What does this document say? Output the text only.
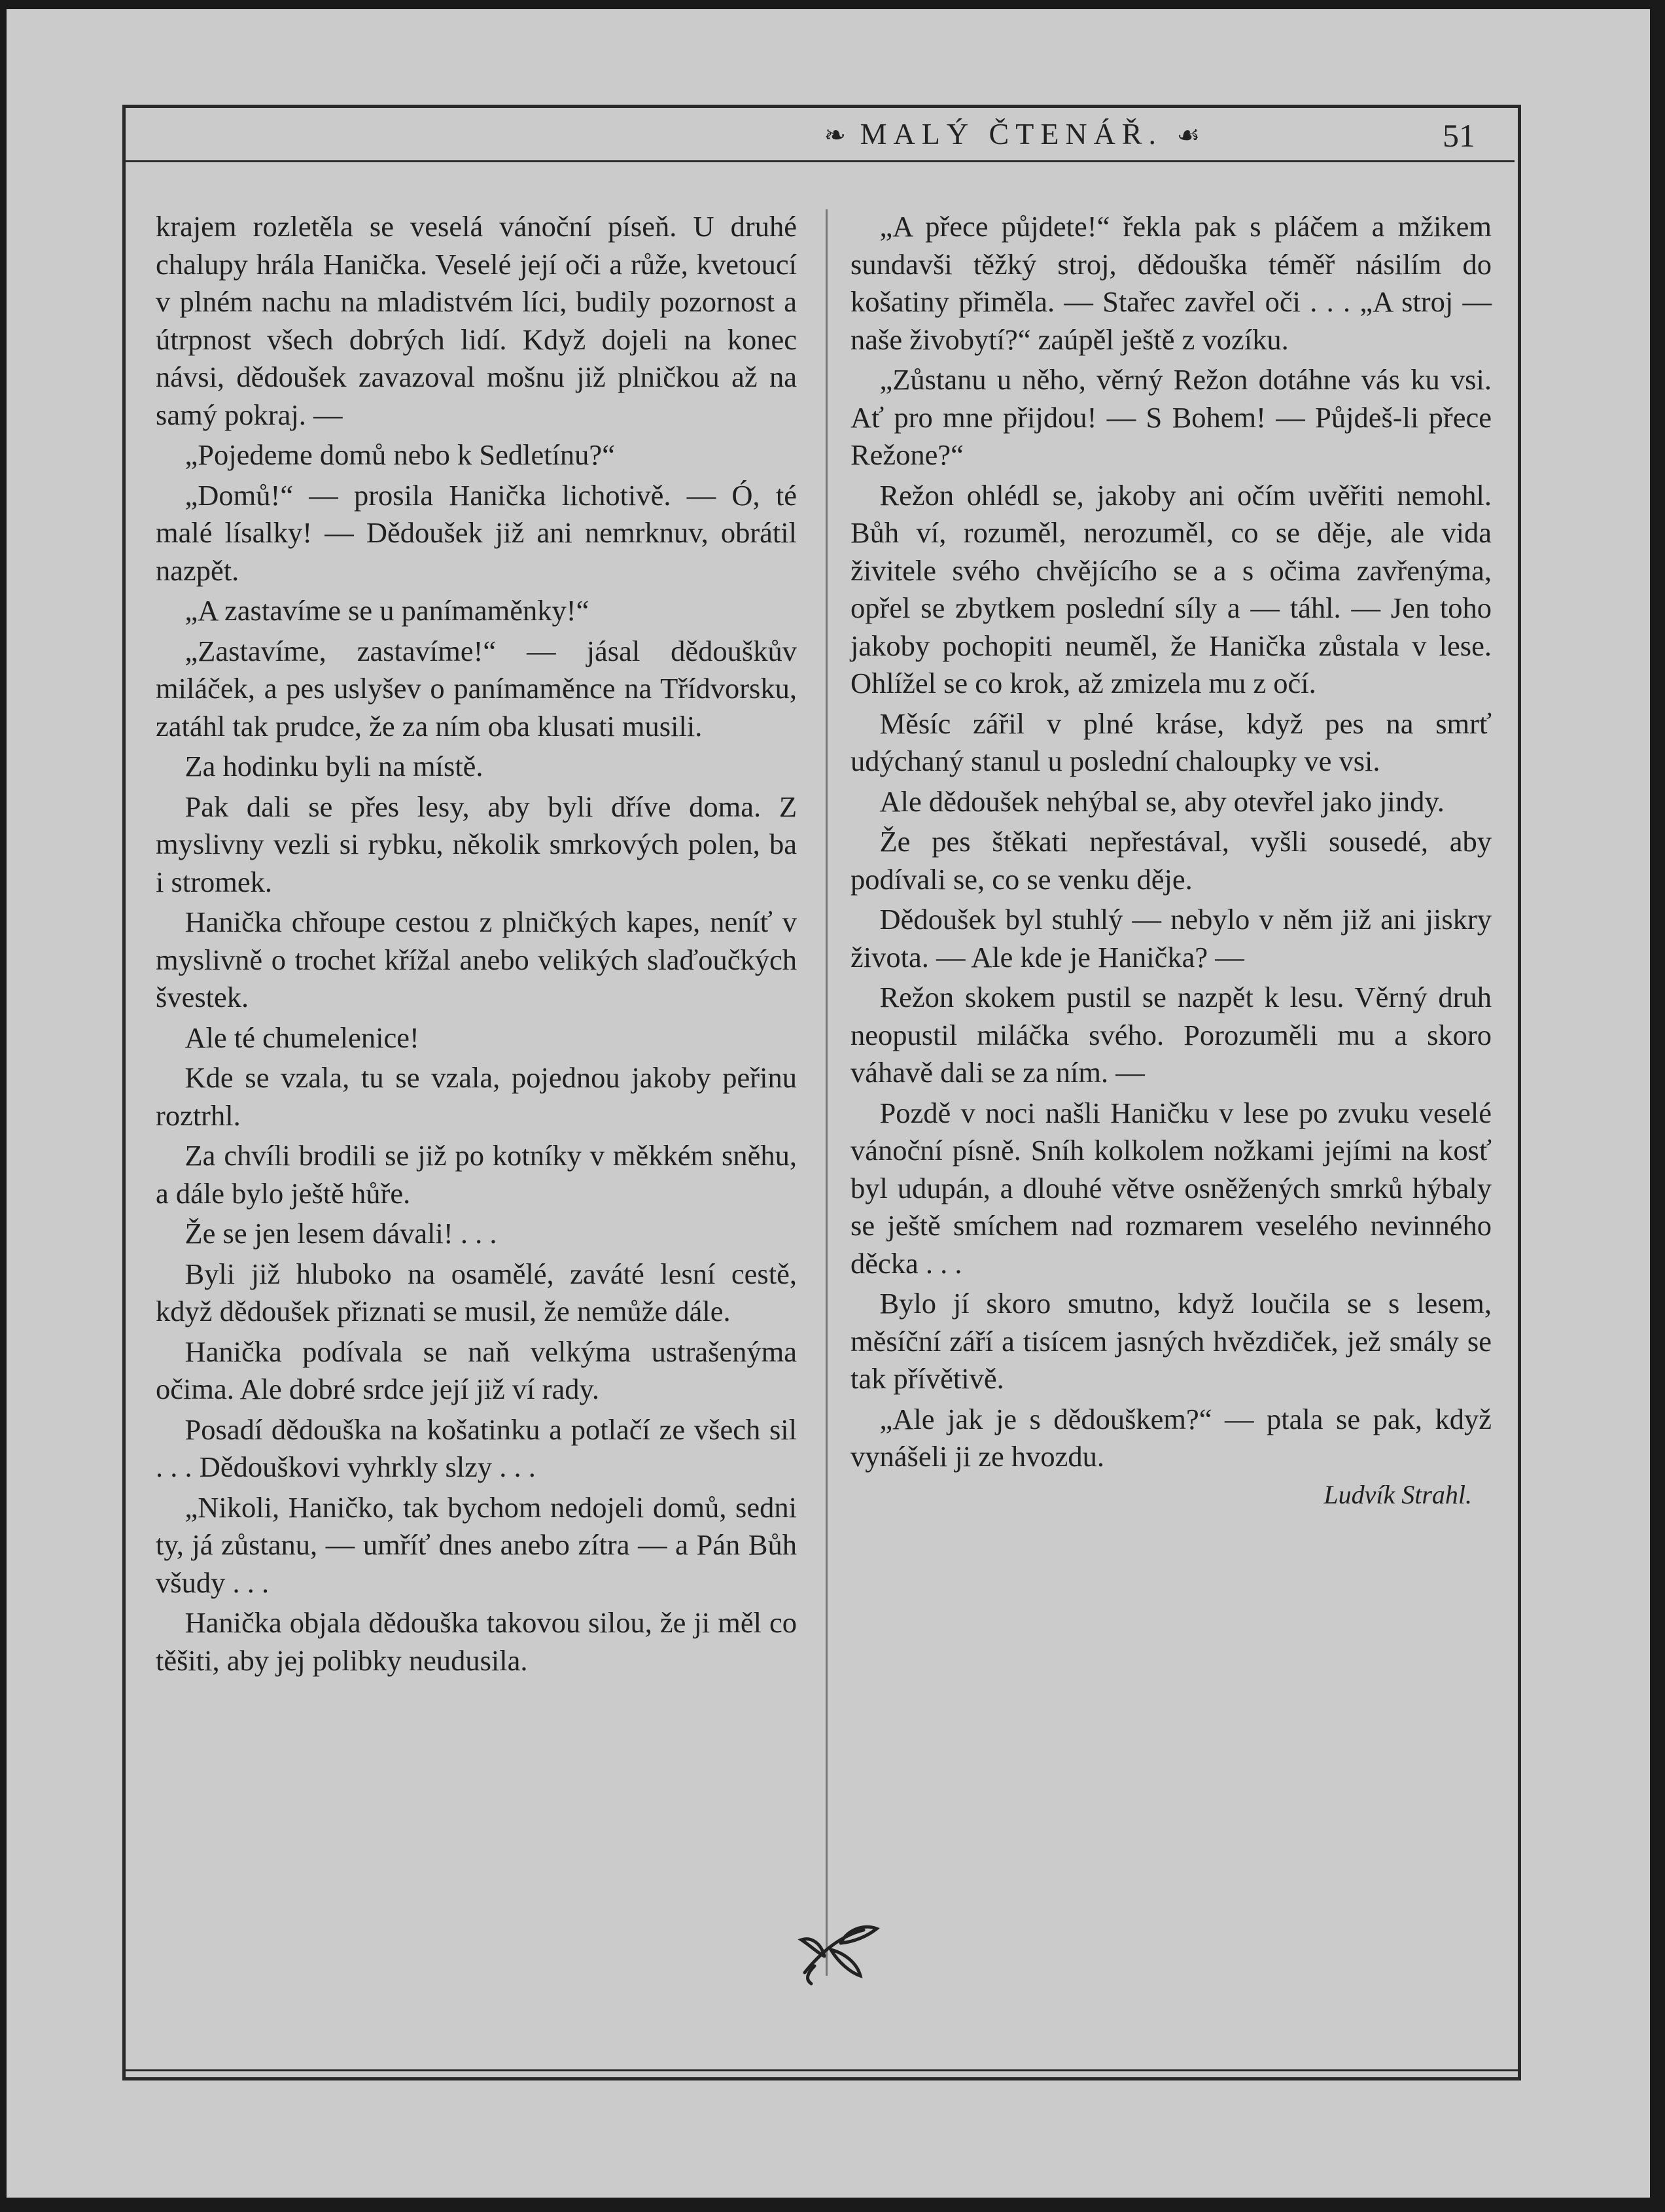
❧ MALÝ ČTENÁŘ. ☙	51

krajem rozletěla se veselá vánoční píseň. U druhé chalupy hrála Hanička. Veselé její oči a růže, kvetoucí v plném nachu na mladistvém líci, budily pozornost a útrpnost všech dobrých lidí. Když dojeli na konec návsi, dědoušek zavazoval mošnu již plničkou až na samý pokraj. —

„Pojedeme domů nebo k Sedletínu?“

„Domů!“ — prosila Hanička lichotivě. — Ó, té malé lísalky! — Dědoušek již ani nemrknuv, obrátil nazpět.

„A zastavíme se u panímaměnky!“

„Zastavíme, zastavíme!“ — jásal dědouškův miláček, a pes uslyšev o panímaměnce na Třídvorsku, zatáhl tak prudce, že za ním oba klusati musili.

Za hodinku byli na místě.

Pak dali se přes lesy, aby byli dříve doma. Z myslivny vezli si rybku, několik smrkových polen, ba i stromek.

Hanička chřoupe cestou z plničkých kapes, neníť v myslivně o trochet křížal anebo velikých slaďoučkých švestek.

Ale té chumelenice!

Kde se vzala, tu se vzala, pojednou jakoby peřinu roztrhl.

Za chvíli brodili se již po kotníky v měkkém sněhu, a dále bylo ještě hůře.

Že se jen lesem dávali! . . .

Byli již hluboko na osamělé, zaváté lesní cestě, když dědoušek přiznati se musil, že nemůže dále.

Hanička podívala se naň velkýma ustrašenýma očima. Ale dobré srdce její již ví rady.

Posadí dědouška na košatinku a potlačí ze všech sil . . . Dědouškovi vyhrkly slzy . . .

„Nikoli, Haničko, tak bychom nedojeli domů, sedni ty, já zůstanu, — umříť dnes anebo zítra — a Pán Bůh všudy . . .

Hanička objala dědouška takovou silou, že ji měl co těšiti, aby jej polibky neudusila.

„A přece půjdete!“ řekla pak s pláčem a mžikem sundavši těžký stroj, dědouška téměř násilím do košatiny přiměla. — Stařec zavřel oči . . . „A stroj — naše živobytí?“ zaúpěl ještě z vozíku.

„Zůstanu u něho, věrný Režon dotáhne vás ku vsi. Ať pro mne přijdou! — S Bohem! — Půjdeš-li přece Režone?“

Režon ohlédl se, jakoby ani očím uvěřiti nemohl. Bůh ví, rozuměl, nerozuměl, co se děje, ale vida živitele svého chvějícího se a s očima zavřenýma, opřel se zbytkem poslední síly a — táhl. — Jen toho jakoby pochopiti neuměl, že Hanička zůstala v lese. Ohlížel se co krok, až zmizela mu z očí.

Měsíc zářil v plné kráse, když pes na smrť udýchaný stanul u poslední chaloupky ve vsi.

Ale dědoušek nehýbal se, aby otevřel jako jindy.

Že pes štěkati nepřestával, vyšli sousedé, aby podívali se, co se venku děje.

Dědoušek byl stuhlý — nebylo v něm již ani jiskry života. — Ale kde je Hanička? —

Režon skokem pustil se nazpět k lesu. Věrný druh neopustil miláčka svého. Porozuměli mu a skoro váhavě dali se za ním. —

Pozdě v noci našli Haničku v lese po zvuku veselé vánoční písně. Sníh kolkolem nožkami jejími na kosť byl udupán, a dlouhé větve osněžených smrků hýbaly se ještě smíchem nad rozmarem veselého nevinného děcka . . .

Bylo jí skoro smutno, když loučila se s lesem, měsíční září a tisícem jasných hvězdiček, jež smály se tak přívětivě.

„Ale jak je s dědouškem?“ — ptala se pak, když vynášeli ji ze hvozdu.

Ludvík Strahl.
